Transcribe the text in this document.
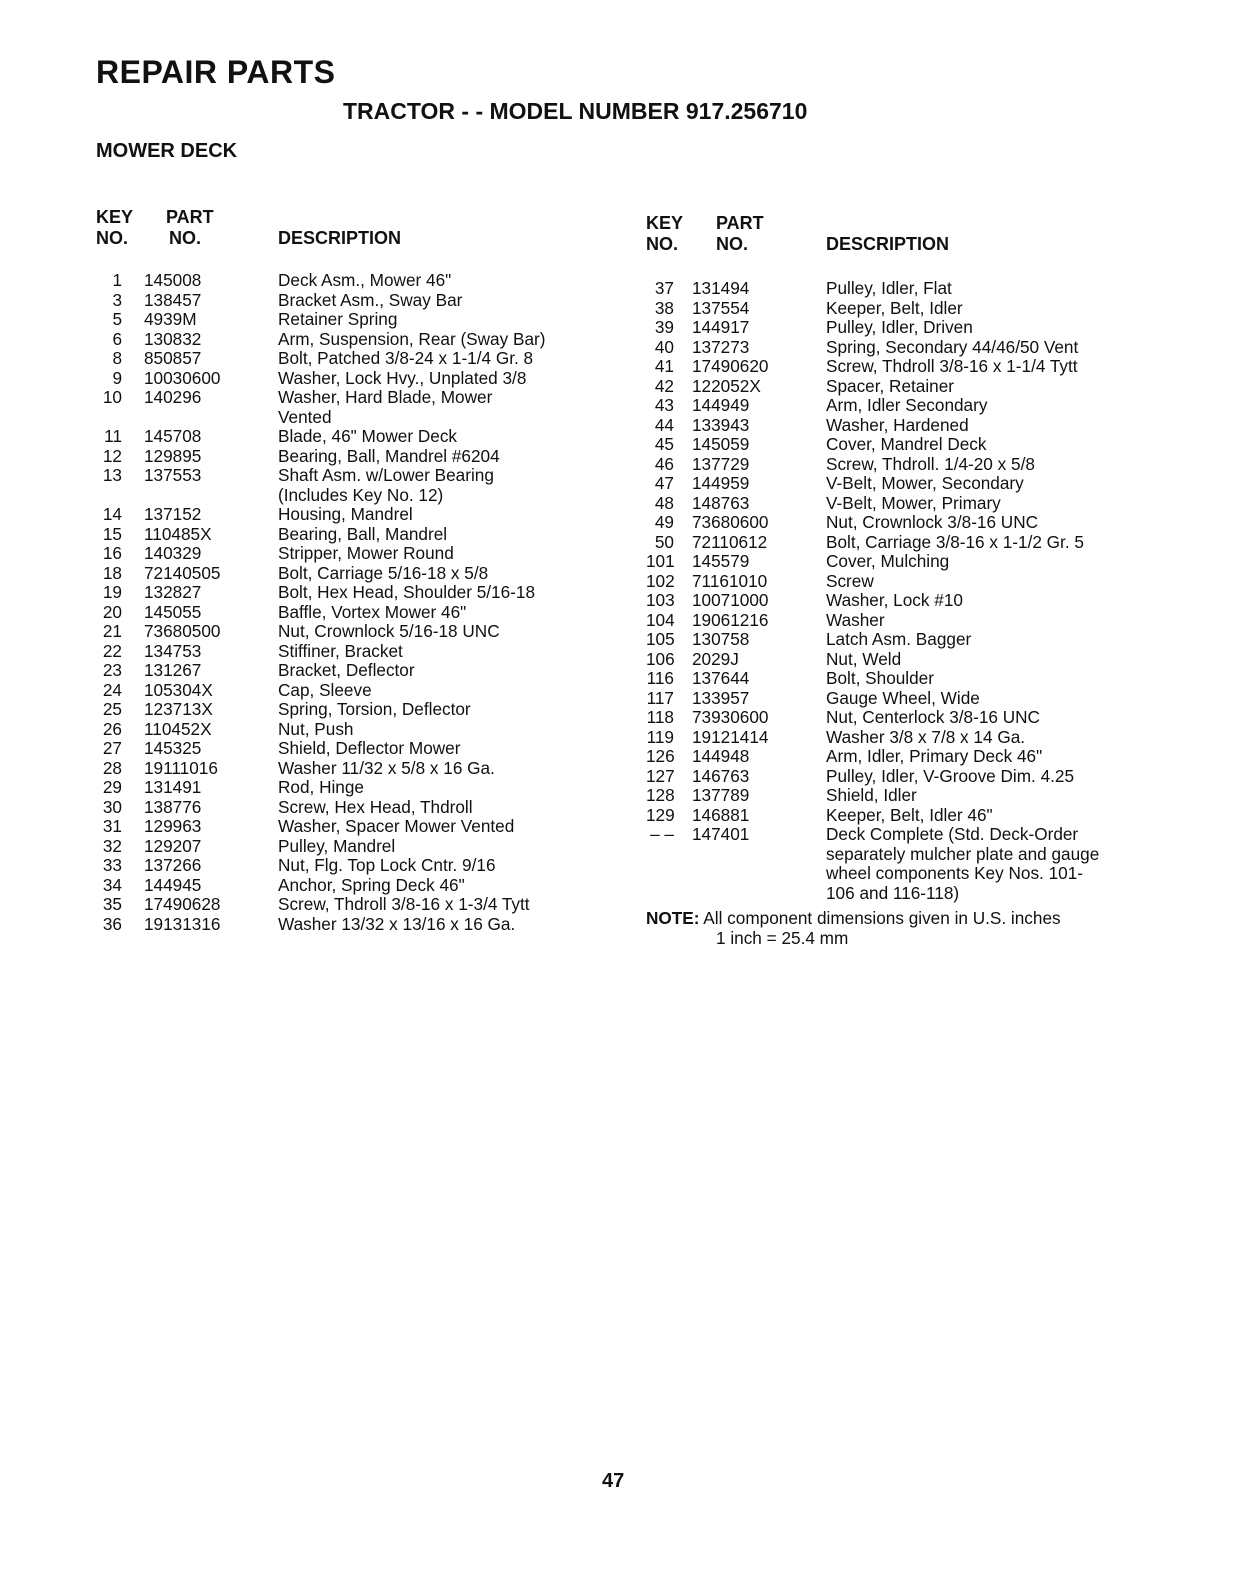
REPAIR PARTS
TRACTOR - - MODEL NUMBER 917.256710
MOWER DECK
KEY
NO.
PART
NO.	DESCRIPTION
KEY
NO.
PART
NO.	DESCRIPTION
1 145008	Deck Asm., Mower 46"
3 138457	Bracket Asm., Sway Bar
5 4939M	Retainer Spring
6 130832	Arm, Suspension, Rear (Sway Bar)
8 850857	Bolt, Patched 3/8-24 x 1-1/4 Gr. 8
9 10030600	Washer, Lock Hvy., Unplated 3/8
10 140296	Washer, Hard Blade, Mower
Vented
11 145708	Blade, 46" Mower Deck
12 129895	Bearing, Ball, Mandrel #6204
13 137553	Shaft Asm. w/Lower Bearing
(Includes Key No. 12)
14 137152	Housing, Mandrel
15 110485X	Bearing, Ball, Mandrel
16 140329	Stripper, Mower Round
18 72140505	Bolt, Carriage 5/16-18 x 5/8
19 132827	Bolt, Hex Head, Shoulder 5/16-18
20 145055	Baffle, Vortex Mower 46"
21 73680500	Nut, Crownlock 5/16-18 UNC
22 134753	Stiffiner, Bracket
23 131267	Bracket, Deflector
24 105304X	Cap, Sleeve
25 123713X	Spring, Torsion, Deflector
26 110452X	Nut, Push
27 145325	Shield, Deflector Mower
28 19111016	Washer 11/32 x 5/8 x 16 Ga.
29 131491	Rod, Hinge
30 138776	Screw, Hex Head, Thdroll
31 129963	Washer, Spacer Mower Vented
32 129207	Pulley, Mandrel
33 137266	Nut, Flg. Top Lock Cntr. 9/16
34 144945	Anchor, Spring Deck 46"
35 17490628	Screw, Thdroll 3/8-16 x 1-3/4 Tytt
36 19131316	Washer 13/32 x 13/16 x 16 Ga.
37 131494	Pulley, Idler, Flat
38 137554	Keeper, Belt, Idler
39 144917	Pulley, Idler, Driven
40 137273	Spring, Secondary 44/46/50 Vent
41 17490620	Screw, Thdroll 3/8-16 x 1-1/4 Tytt
42 122052X	Spacer, Retainer
43 144949	Arm, Idler Secondary
44 133943	Washer, Hardened
45 145059	Cover, Mandrel Deck
46 137729	Screw, Thdroll. 1/4-20 x 5/8
47 144959	V-Belt, Mower, Secondary
48 148763	V-Belt, Mower, Primary
49 73680600	Nut, Crownlock 3/8-16 UNC
50 72110612	Bolt, Carriage 3/8-16 x 1-1/2 Gr. 5
101 145579	Cover, Mulching
102 71161010	Screw
103 10071000	Washer, Lock #10
104 19061216	Washer
105 130758	Latch Asm. Bagger
106 2029J	Nut, Weld
116 137644	Bolt, Shoulder
117 133957	Gauge Wheel, Wide
118 73930600	Nut, Centerlock 3/8-16 UNC
119 19121414	Washer 3/8 x 7/8 x 14 Ga.
126 144948	Arm, Idler, Primary Deck 46"
127 146763	Pulley, Idler, V-Groove Dim. 4.25
128 137789	Shield, Idler
129 146881	Keeper, Belt, Idler 46"
– – 147401	Deck Complete (Std. Deck-Order
separately mulcher plate and gauge
wheel components Key Nos. 101-
106 and 116-118)
NOTE: All component dimensions given in U.S. inches
1 inch = 25.4 mm
47
